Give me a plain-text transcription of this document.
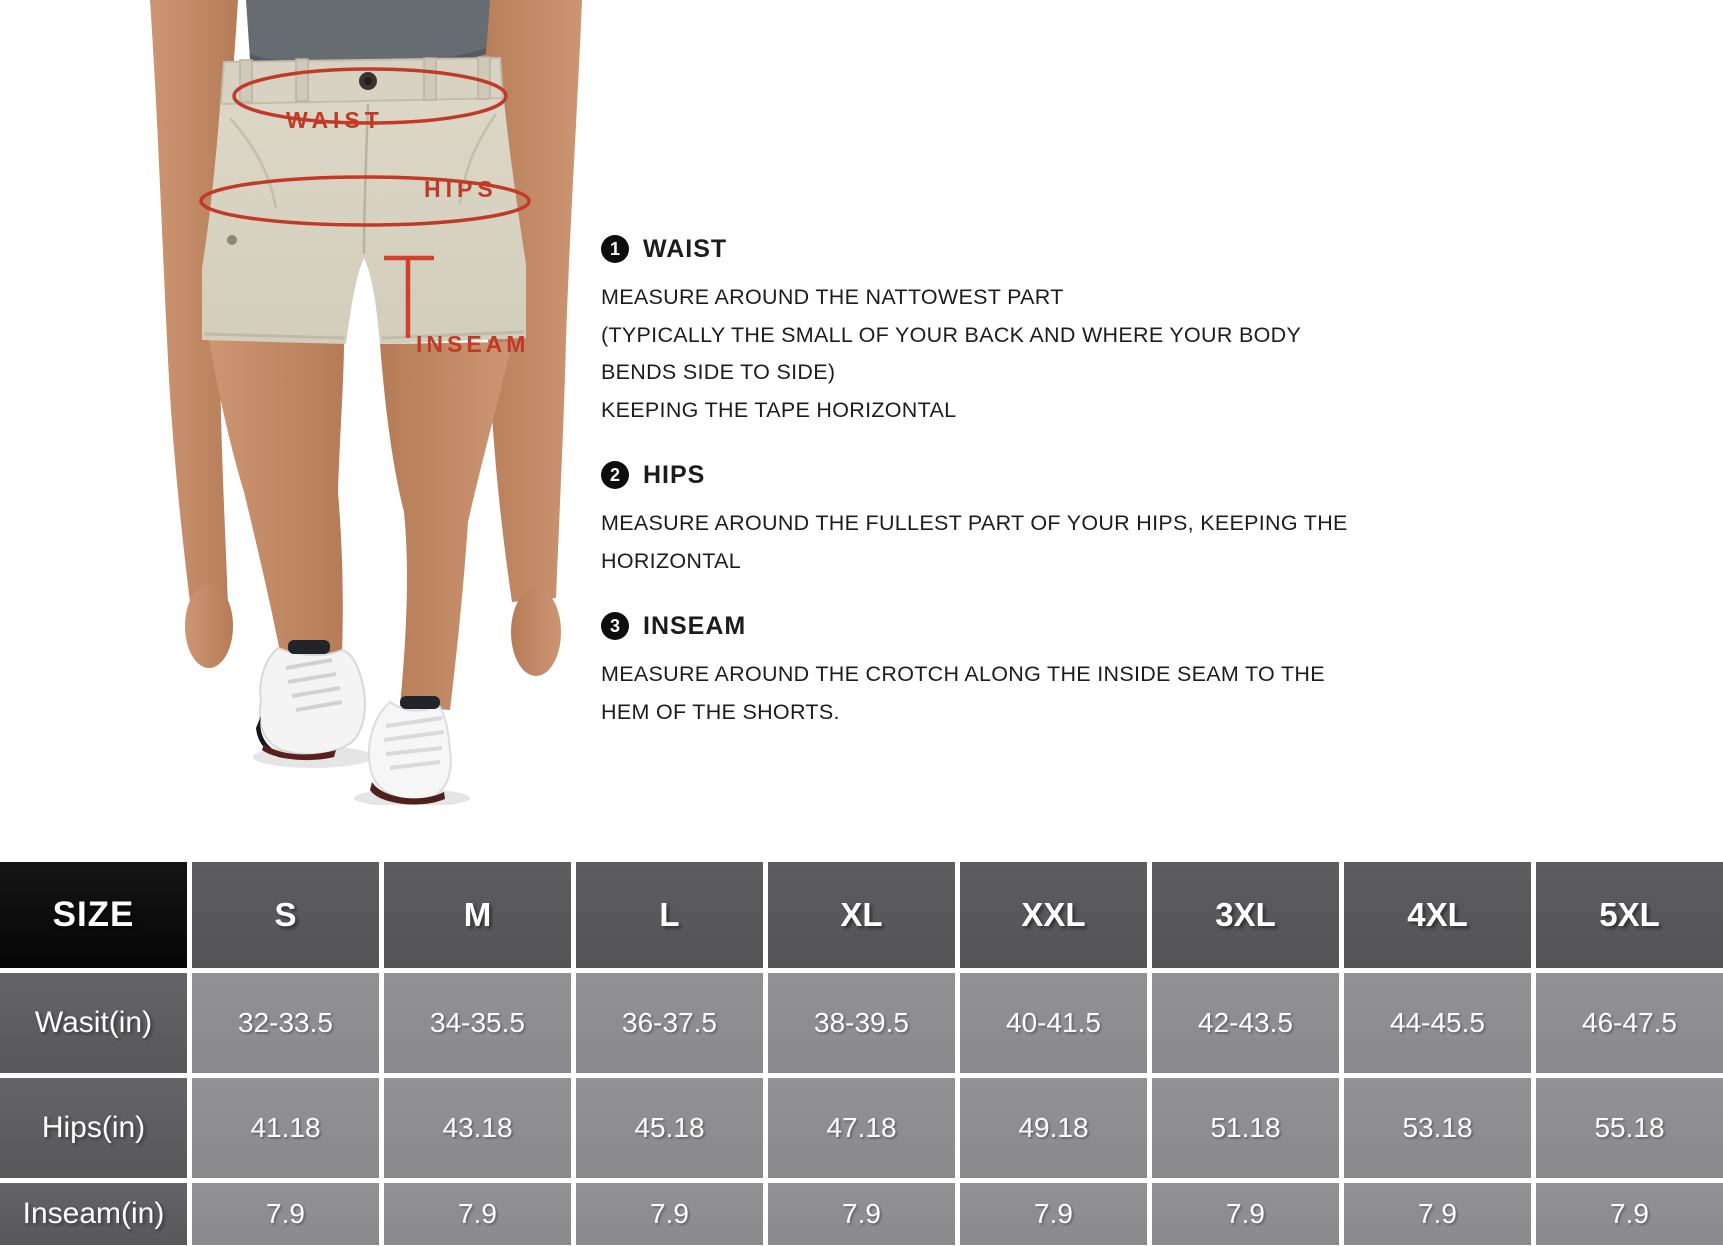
WAIST
HIPS
INSEAM
1 WAIST
MEASURE AROUND THE NATTOWEST PART
(TYPICALLY THE SMALL OF YOUR BACK AND WHERE YOUR BODY
BENDS SIDE TO SIDE)
KEEPING THE TAPE HORIZONTAL
2 HIPS
MEASURE AROUND THE FULLEST PART OF YOUR HIPS, KEEPING THE
HORIZONTAL
3 INSEAM
MEASURE AROUND THE CROTCH ALONG THE INSIDE SEAM TO THE
HEM OF THE SHORTS.
SIZE	S	M	L	XL	XXL	3XL	4XL	5XL
Wasit(in)	32-33.5	34-35.5	36-37.5	38-39.5	40-41.5	42-43.5	44-45.5	46-47.5
Hips(in)	41.18	43.18	45.18	47.18	49.18	51.18	53.18	55.18
Inseam(in)	7.9	7.9	7.9	7.9	7.9	7.9	7.9	7.9
